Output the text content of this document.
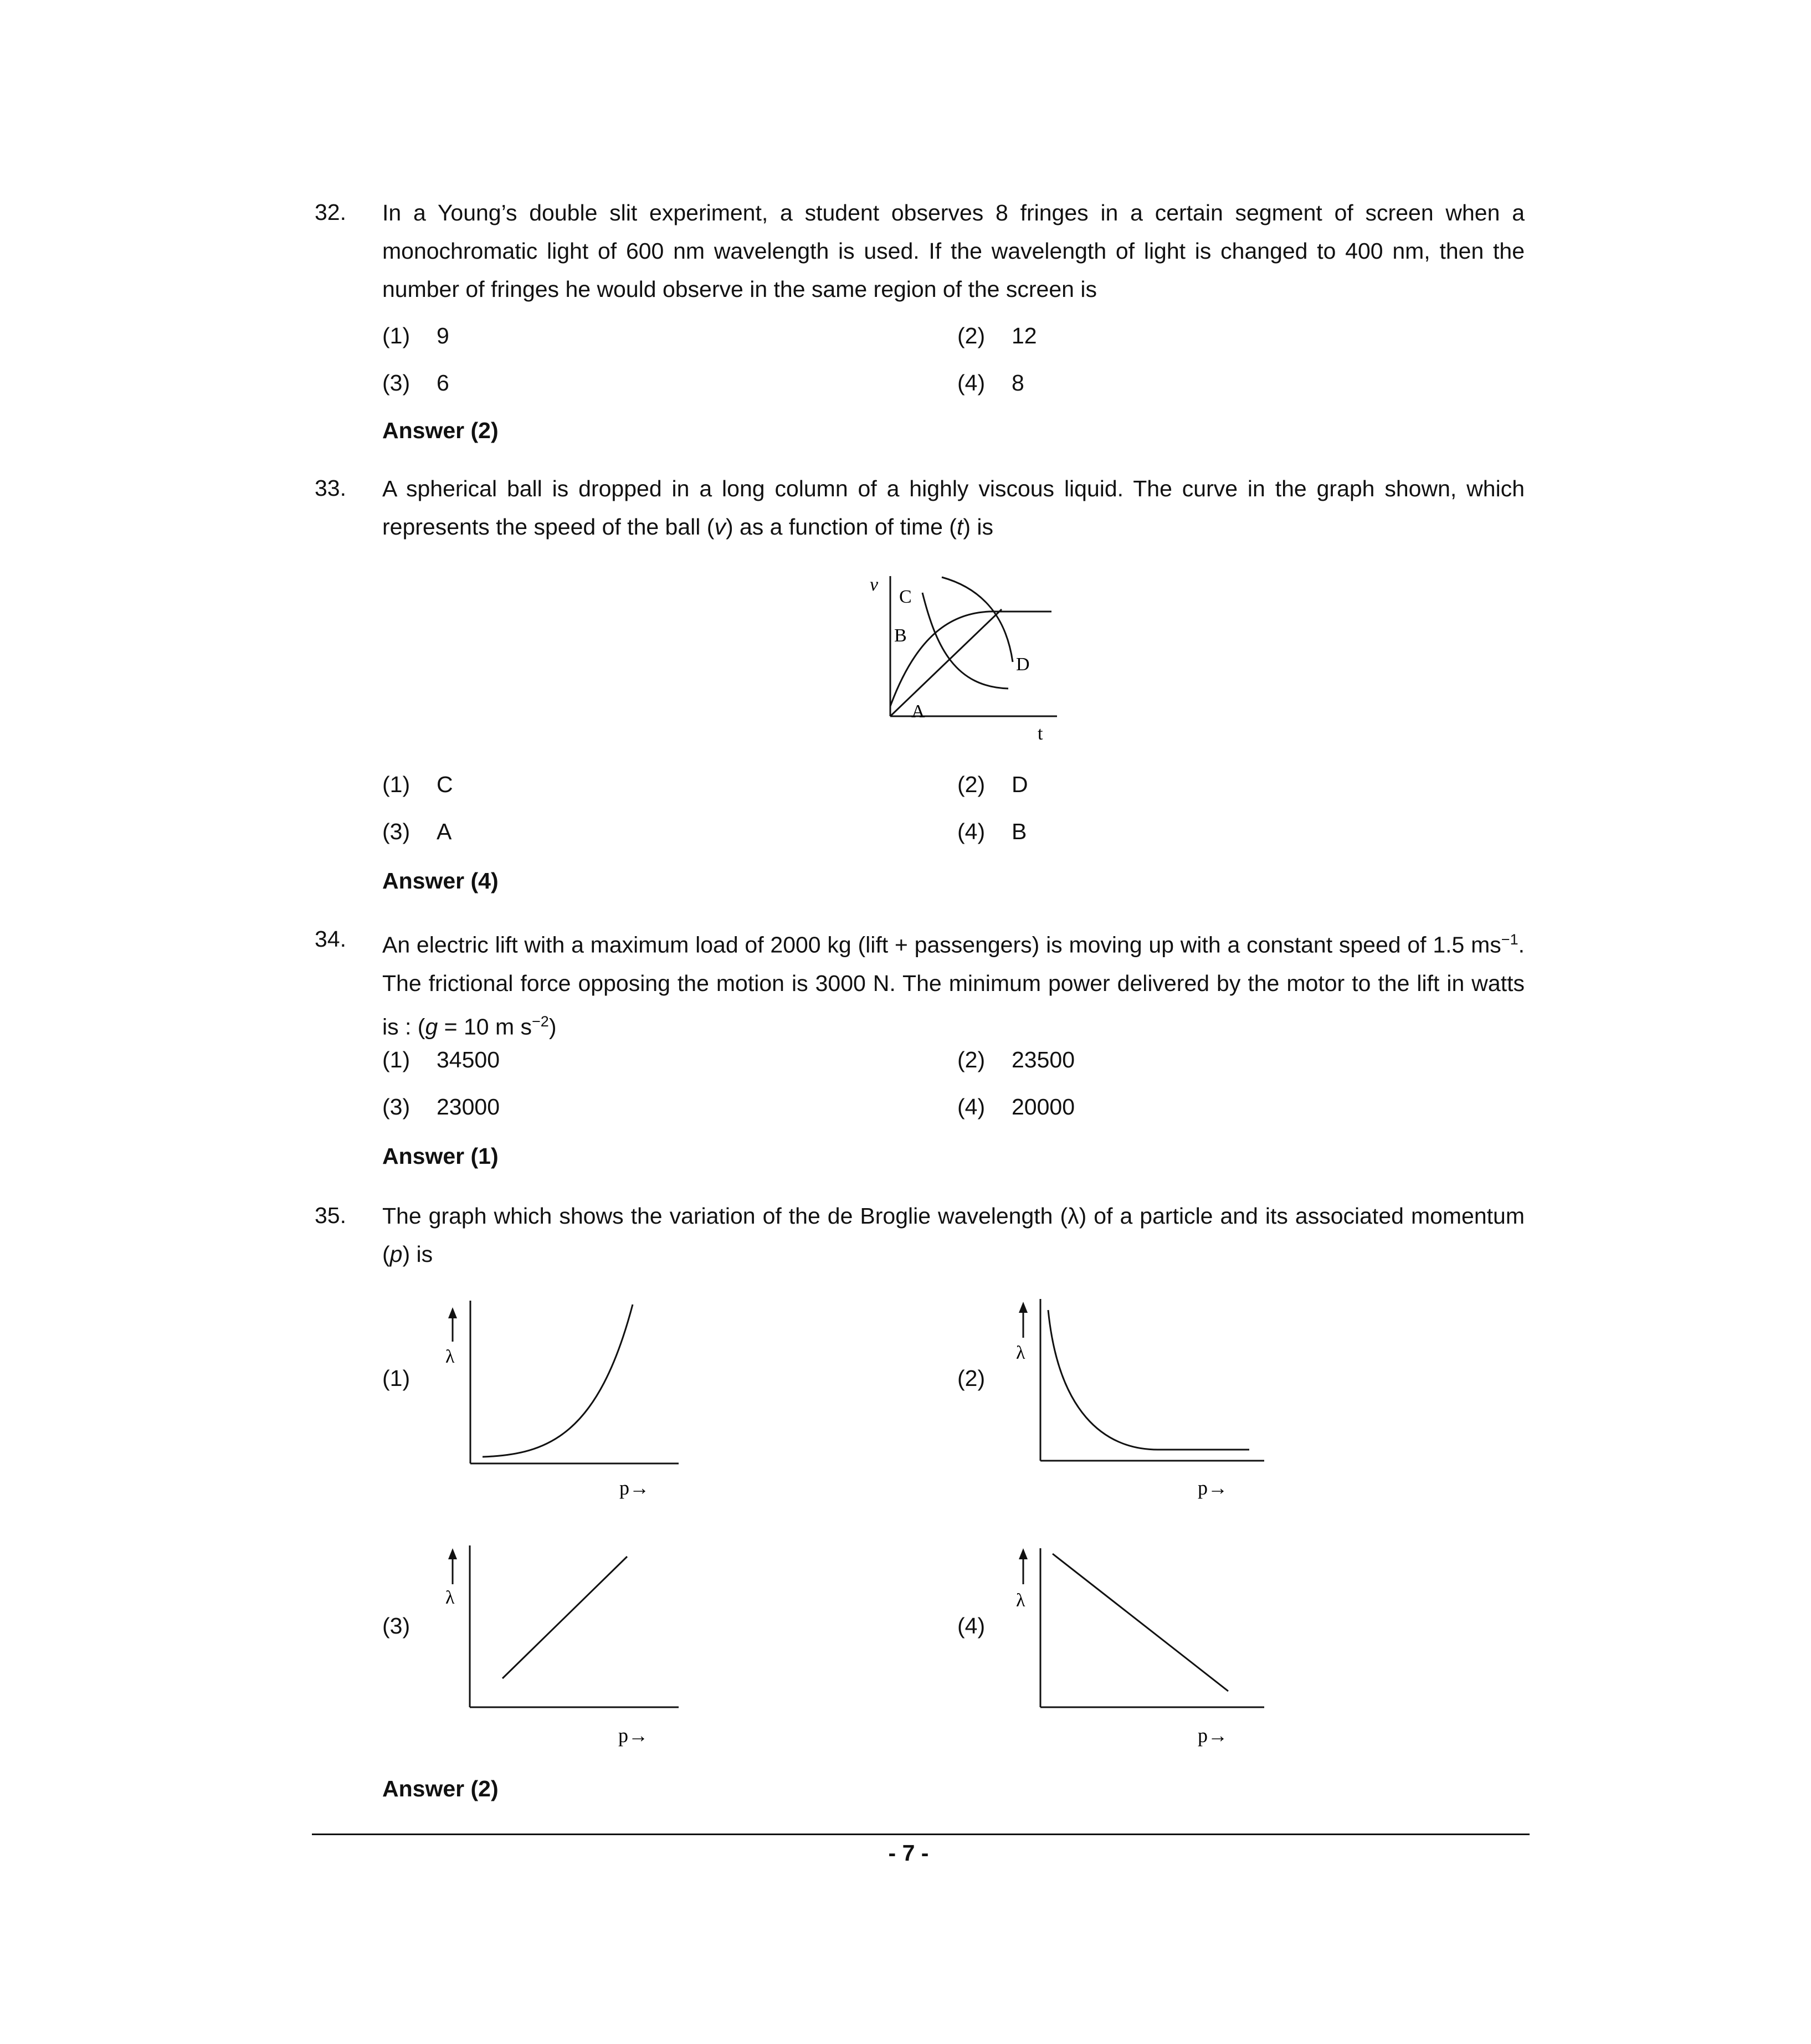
32. In a Young’s double slit experiment, a student observes 8 fringes in a certain segment of screen when a monochromatic light of 600 nm wavelength is used. If the wavelength of light is changed to 400 nm, then the number of fringes he would observe in the same region of the screen is
(1) 9	(2) 12
(3) 6	(4) 8
Answer (2)
33. A spherical ball is dropped in a long column of a highly viscous liquid. The curve in the graph shown, which represents the speed of the ball (v) as a function of time (t) is
v
A
B
C
D
t
(1) C	(2) D
(3) A	(4) B
Answer (4)
34. An electric lift with a maximum load of 2000 kg (lift + passengers) is moving up with a constant speed of 1.5 $ms^{-1}$. The frictional force opposing the motion is 3000 N. The minimum power delivered by the motor to the lift in watts is : (g = 10 m $s^{-2}$)
(1) 34500	(2) 23500
(3) 23000	(4) 20000
Answer (1)
35. The graph which shows the variation of the de Broglie wavelength (λ) of a particle and its associated momentum (p) is
(1)	(2)
(3)	(4)
λ
p→
λ
p→
λ
p→
λ
p→
Answer (2)
- 7 -
